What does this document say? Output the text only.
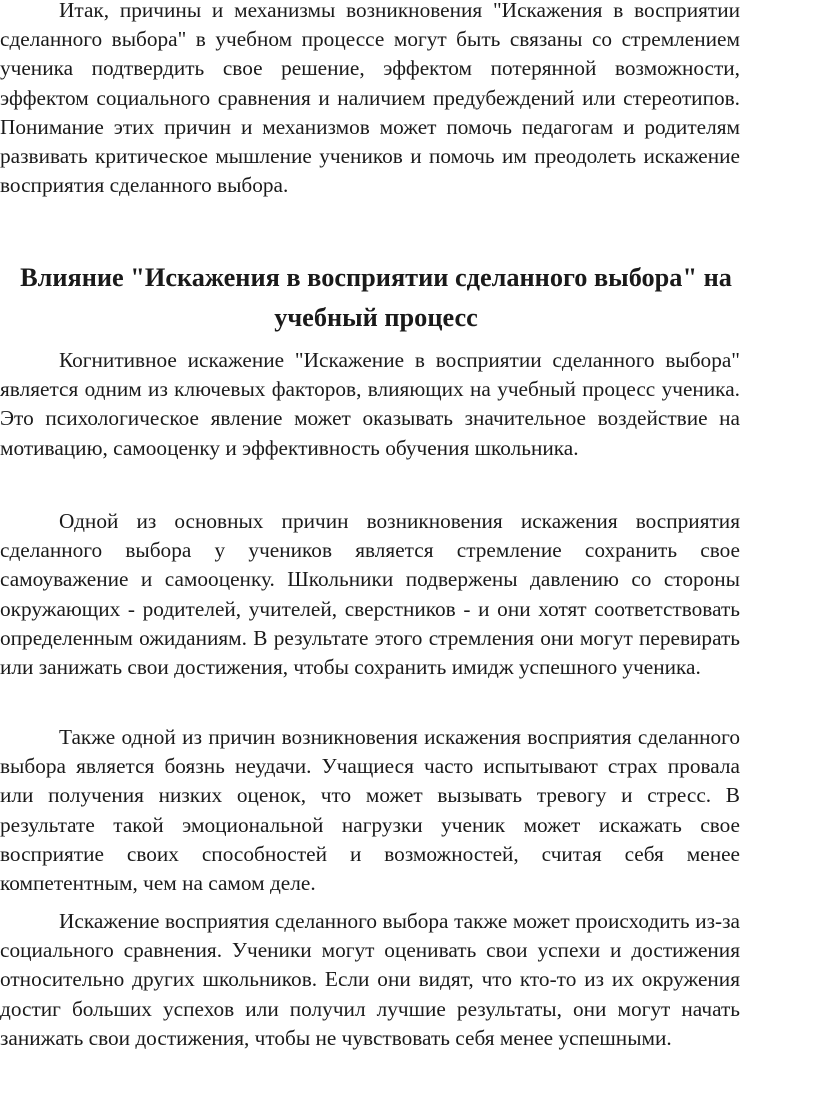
Итак, причины и механизмы возникновения "Искажения в восприятии сделанного выбора" в учебном процессе могут быть связаны со стремлением ученика подтвердить свое решение, эффектом потерянной возможности, эффектом социального сравнения и наличием предубеждений или стереотипов. Понимание этих причин и механизмов может помочь педагогам и родителям развивать критическое мышление учеников и помочь им преодолеть искажение восприятия сделанного выбора.

Влияние "Искажения в восприятии сделанного выбора" на учебный процесс

Когнитивное искажение "Искажение в восприятии сделанного выбора" является одним из ключевых факторов, влияющих на учебный процесс ученика. Это психологическое явление может оказывать значительное воздействие на мотивацию, самооценку и эффективность обучения школьника.

Одной из основных причин возникновения искажения восприятия сделанного выбора у учеников является стремление сохранить свое самоуважение и самооценку. Школьники подвержены давлению со стороны окружающих - родителей, учителей, сверстников - и они хотят соответствовать определенным ожиданиям. В результате этого стремления они могут перевирать или занижать свои достижения, чтобы сохранить имидж успешного ученика.

Также одной из причин возникновения искажения восприятия сделанного выбора является боязнь неудачи. Учащиеся часто испытывают страх провала или получения низких оценок, что может вызывать тревогу и стресс. В результате такой эмоциональной нагрузки ученик может искажать свое восприятие своих способностей и возможностей, считая себя менее компетентным, чем на самом деле.

Искажение восприятия сделанного выбора также может происходить из-за социального сравнения. Ученики могут оценивать свои успехи и достижения относительно других школьников. Если они видят, что кто-то из их окружения достиг больших успехов или получил лучшие результаты, они могут начать занижать свои достижения, чтобы не чувствовать себя менее успешными.
